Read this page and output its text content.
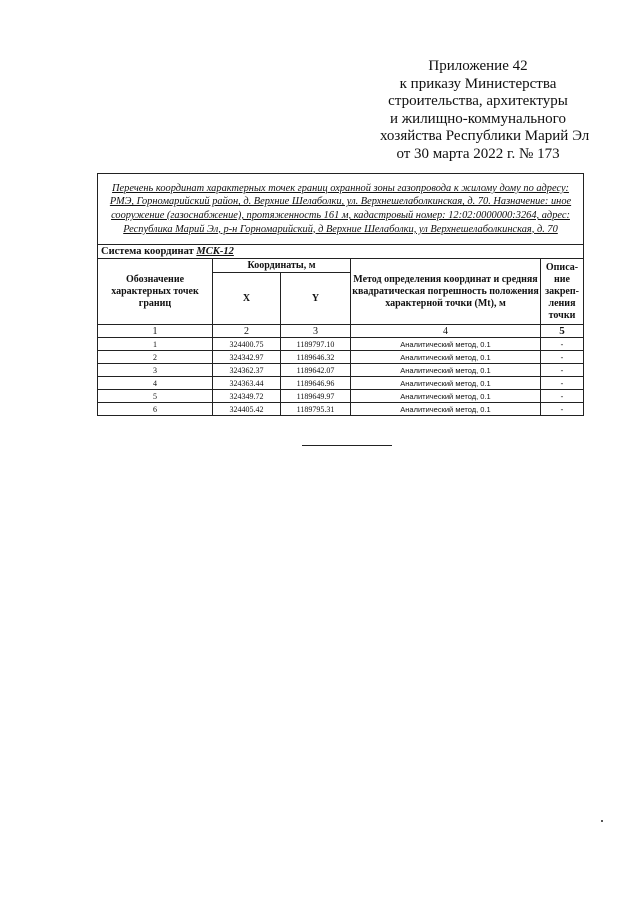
Приложение 42
к приказу Министерства
строительства, архитектуры
и жилищно-коммунального
хозяйства Республики Марий Эл
от 30 марта 2022 г. № 173
Перечень координат характерных точек границ охранной зоны газопровода к жилому дому по адресу: РМЭ, Горномарийский район, д. Верхние Шелаболки, ул. Верхнешелаболкинская, д. 70. Назначение: иное сооружение (газоснабжение), протяженность 161 м, кадастровый номер: 12:02:0000000:3264, адрес: Республика Марий Эл, р-н Горномарийский, д Верхние Шелаболки, ул Верхнешелаболкинская, д. 70				
Система координат МСК-12				
Обозначение характерных точек границ	Координаты, м		Метод определения координат и средняя квадратическая погрешность положения характерной точки (Mt), м	Описа-ние закреп-ления точки
	X	Y		
1	2	3	4	5
1	324400.75	1189797.10	Аналитический метод, 0.1	-
2	324342.97	1189646.32	Аналитический метод, 0.1	-
3	324362.37	1189642.07	Аналитический метод, 0.1	-
4	324363.44	1189646.96	Аналитический метод, 0.1	-
5	324349.72	1189649.97	Аналитический метод, 0.1	-
6	324405.42	1189795.31	Аналитический метод, 0.1	-
